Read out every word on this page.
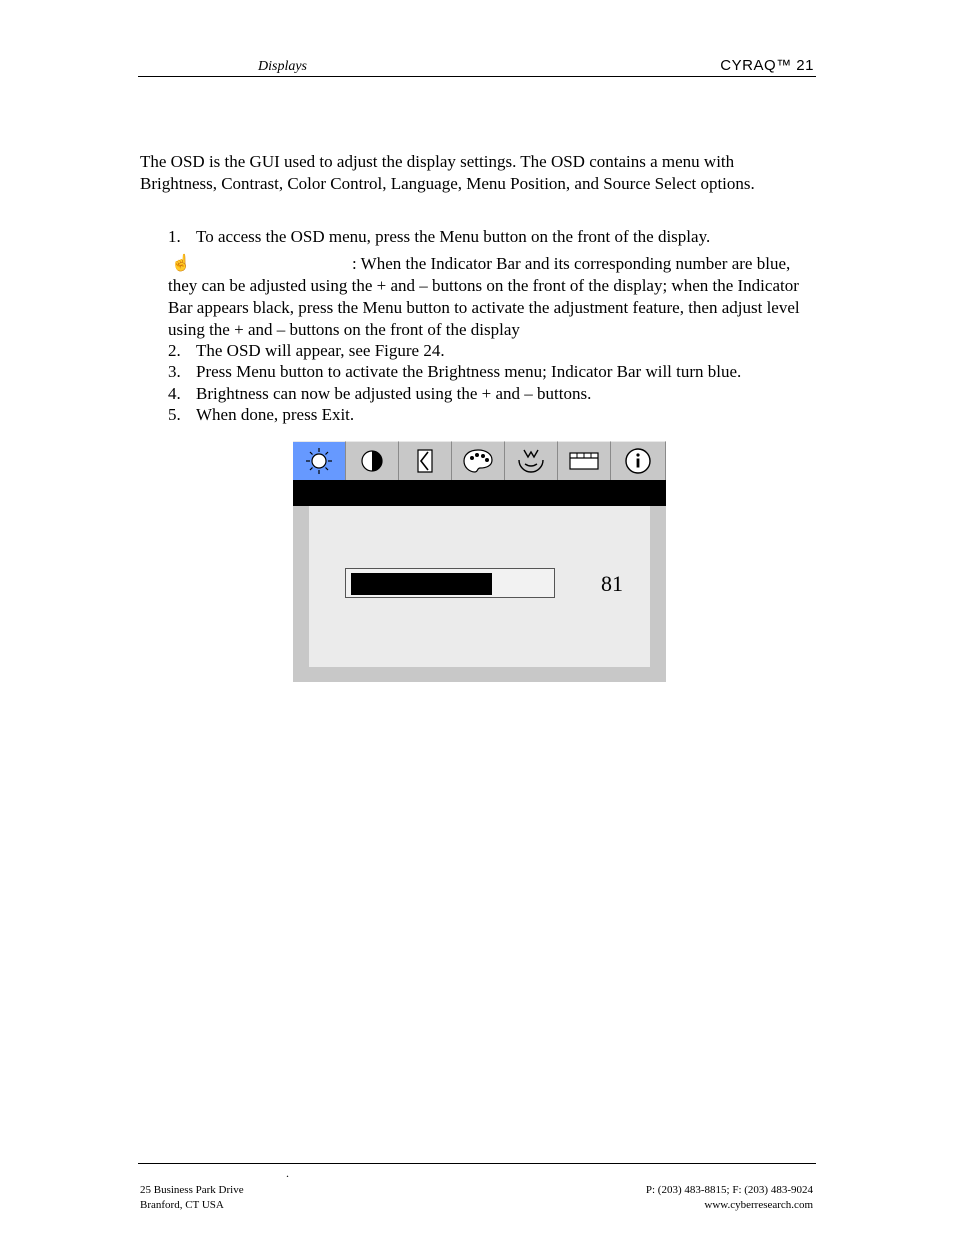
Displays	CYRAQ™ 21

The OSD is the GUI used to adjust the display settings. The OSD contains a menu with Brightness, Contrast, Color Control, Language, Menu Position, and Source Select options.

1. To access the OSD menu, press the Menu button on the front of the display.
☝	: When the Indicator Bar and its corresponding number are blue, they can be adjusted using the + and – buttons on the front of the display; when the Indicator Bar appears black, press the Menu button to activate the adjustment feature, then adjust level using the + and – buttons on the front of the display

2. The OSD will appear, see Figure 24.
3. Press Menu button to activate the Brightness menu; Indicator Bar will turn blue.
4. Brightness can now be adjusted using the + and – buttons.
5. When done, press Exit.
81
.
25 Business Park Drive
Branford, CT USA
P: (203) 483-8815; F: (203) 483-9024
www.cyberresearch.com
